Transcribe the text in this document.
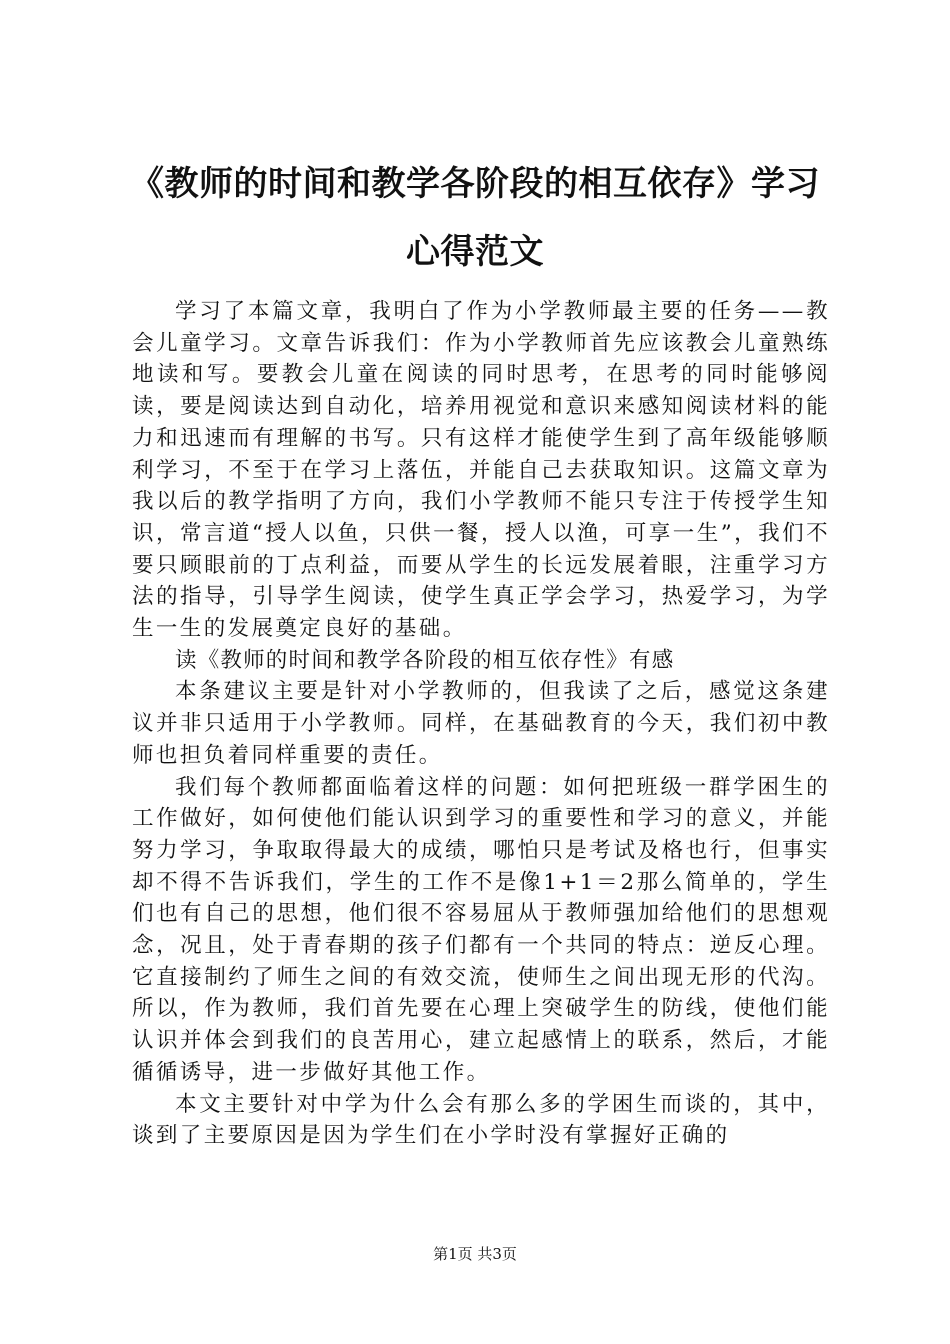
《教师的时间和教学各阶段的相互依存》学习心得范文

学习了本篇文章，我明白了作为小学教师最主要的任务——教会儿童学习。文章告诉我们：作为小学教师首先应该教会儿童熟练地读和写。要教会儿童在阅读的同时思考，在思考的同时能够阅读，要是阅读达到自动化，培养用视觉和意识来感知阅读材料的能力和迅速而有理解的书写。只有这样才能使学生到了高年级能够顺利学习，不至于在学习上落伍，并能自己去获取知识。这篇文章为我以后的教学指明了方向，我们小学教师不能只专注于传授学生知识，常言道“授人以鱼，只供一餐，授人以渔，可享一生”，我们不要只顾眼前的丁点利益，而要从学生的长远发展着眼，注重学习方法的指导，引导学生阅读，使学生真正学会学习，热爱学习，为学生一生的发展奠定良好的基础。

读《教师的时间和教学各阶段的相互依存性》有感

本条建议主要是针对小学教师的，但我读了之后，感觉这条建议并非只适用于小学教师。同样，在基础教育的今天，我们初中教师也担负着同样重要的责任。

我们每个教师都面临着这样的问题：如何把班级一群学困生的工作做好，如何使他们能认识到学习的重要性和学习的意义，并能努力学习，争取取得最大的成绩，哪怕只是考试及格也行，但事实却不得不告诉我们，学生的工作不是像1+1＝2那么简单的，学生们也有自己的思想，他们很不容易屈从于教师强加给他们的思想观念，况且，处于青春期的孩子们都有一个共同的特点：逆反心理。它直接制约了师生之间的有效交流，使师生之间出现无形的代沟。所以，作为教师，我们首先要在心理上突破学生的防线，使他们能认识并体会到我们的良苦用心，建立起感情上的联系，然后，才能循循诱导，进一步做好其他工作。

本文主要针对中学为什么会有那么多的学困生而谈的，其中，谈到了主要原因是因为学生们在小学时没有掌握好正确的

第1页 共3页
